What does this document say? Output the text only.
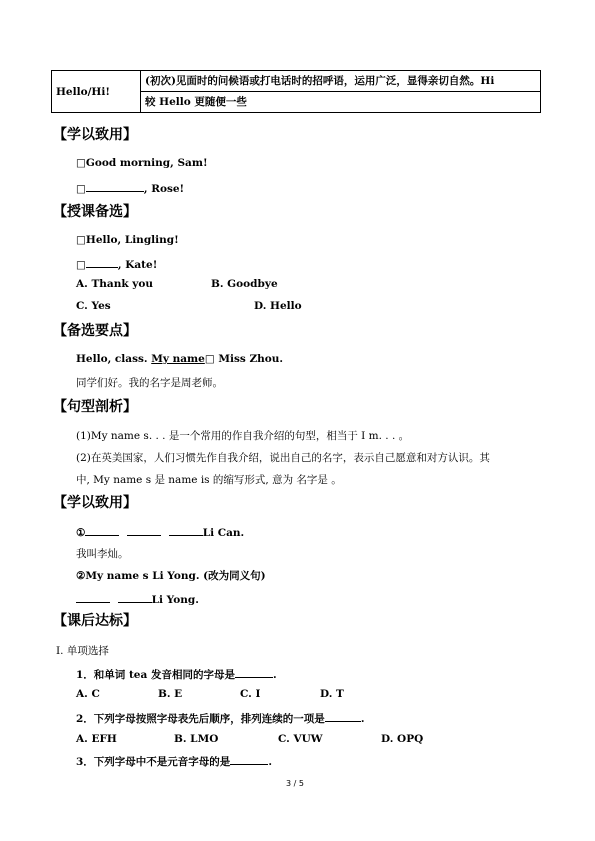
Hello/Hi!	(初次)见面时的问候语或打电话时的招呼语，运用广泛，显得亲切自然。Hi
较 Hello 更随便一些
【学以致用】
□Good morning, Sam!
□	, Rose!
【授课备选】
□Hello, Lingling!
□	, Kate!
A. Thank you	B. Goodbye
C. Yes	D. Hello
【备选要点】
Hello, class. My name□ Miss Zhou.
同学们好。我的名字是周老师。
【句型剖析】
(1)My name s. . . 是一个常用的作自我介绍的句型，相当于 I m. . . 。
(2)在英美国家，人们习惯先作自我介绍，说出自己的名字，表示自己愿意和对方认识。其
中, My name s 是 name is 的缩写形式, 意为 名字是 。
【学以致用】
①	Li Can.
我叫李灿。
②My name s Li Yong. (改为同义句)
Li Yong.
【课后达标】
Ⅰ. 单项选择
1．和单词 tea 发音相同的字母是	.
A. C	B. E	C. I	D. T
2．下列字母按照字母表先后顺序，排列连续的一项是	.
A. EFH	B. LMO	C. VUW	D. OPQ
3．下列字母中不是元音字母的是	.
3 / 5
